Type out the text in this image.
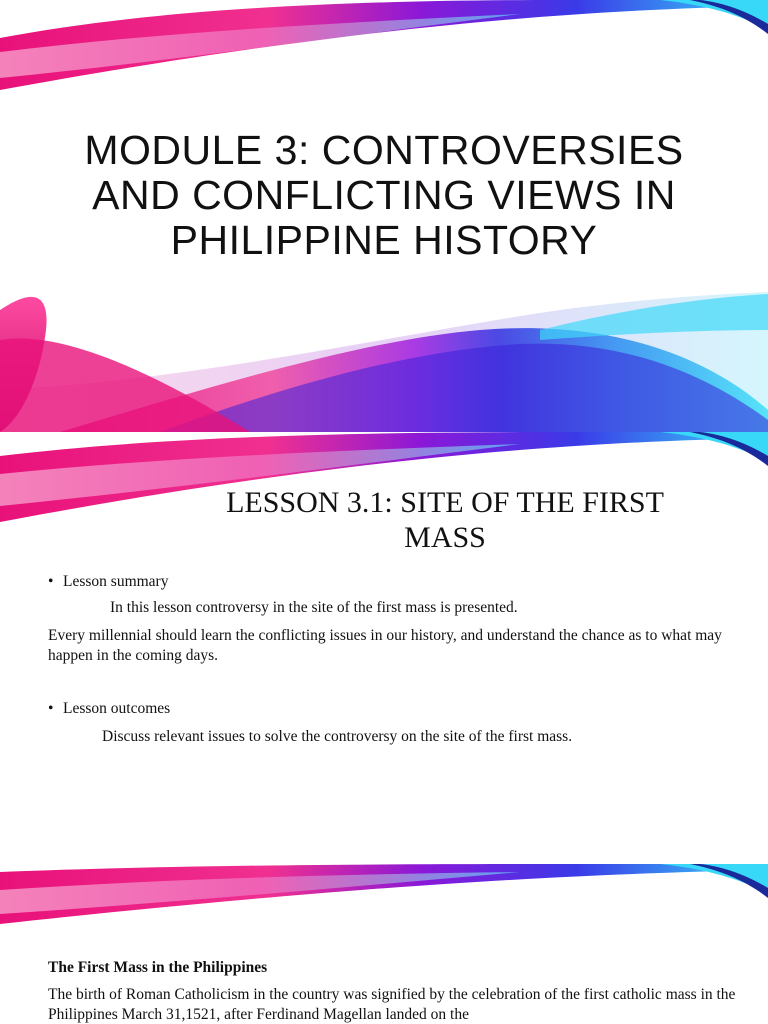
MODULE 3: CONTROVERSIES AND CONFLICTING VIEWS IN PHILIPPINE HISTORY
LESSON 3.1: SITE OF THE FIRST MASS
• Lesson summary
In this lesson controversy in the site of the first mass is presented.
Every millennial should learn the conflicting issues in our history, and understand the chance as to what may happen in the coming days.
• Lesson outcomes
Discuss relevant issues to solve the controversy on the site of the first mass.
The First Mass in the Philippines
The birth of Roman Catholicism in the country was signified by the celebration of the first catholic mass in the Philippines March 31,1521, after Ferdinand Magellan landed on the
